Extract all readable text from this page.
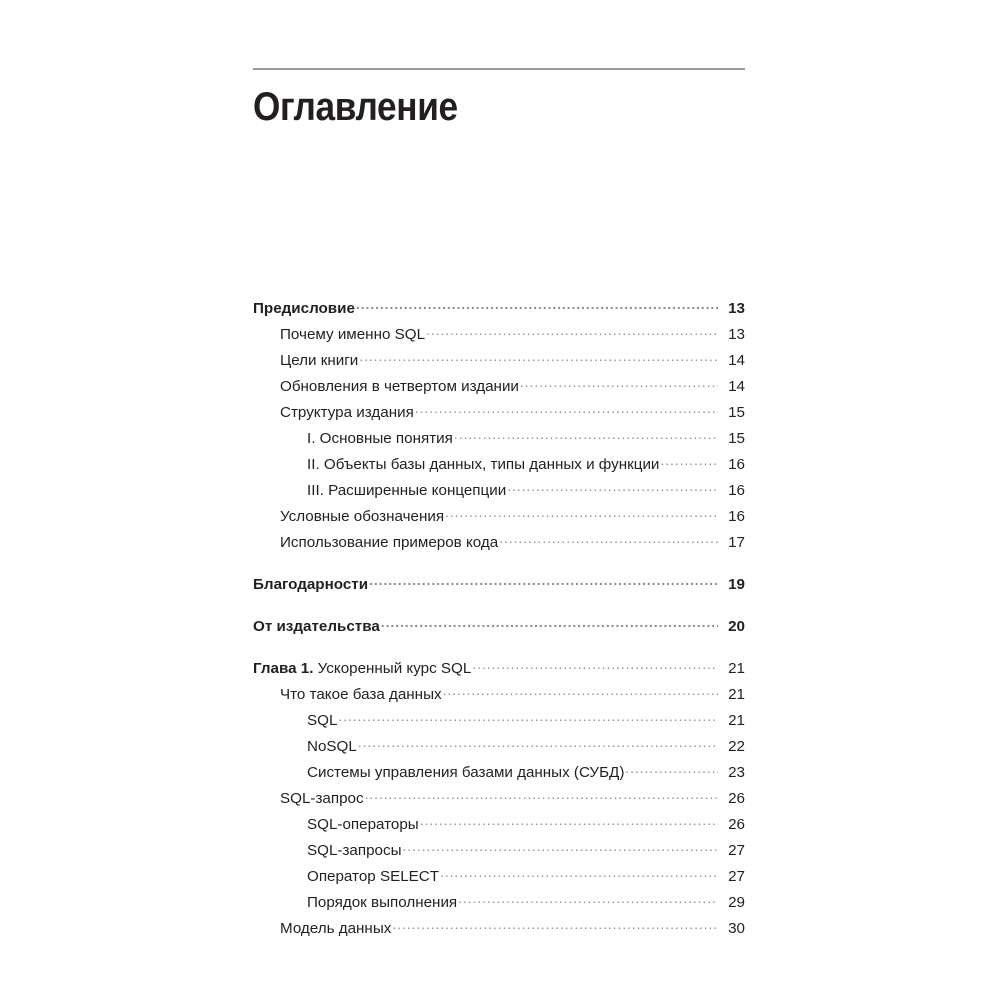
Оглавление
Предисловие .....	13
Почему именно SQL .....	13
Цели книги .....	14
Обновления в четвертом издании .....	14
Структура издания .....	15
I. Основные понятия .....	15
II. Объекты базы данных, типы данных и функции .....	16
III. Расширенные концепции .....	16
Условные обозначения .....	16
Использование примеров кода .....	17
Благодарности .....	19
От издательства .....	20
Глава 1. Ускоренный курс SQL .....	21
Что такое база данных .....	21
SQL .....	21
NoSQL .....	22
Системы управления базами данных (СУБД) .....	23
SQL-запрос .....	26
SQL-операторы .....	26
SQL-запросы .....	27
Оператор SELECT .....	27
Порядок выполнения .....	29
Модель данных .....	30
